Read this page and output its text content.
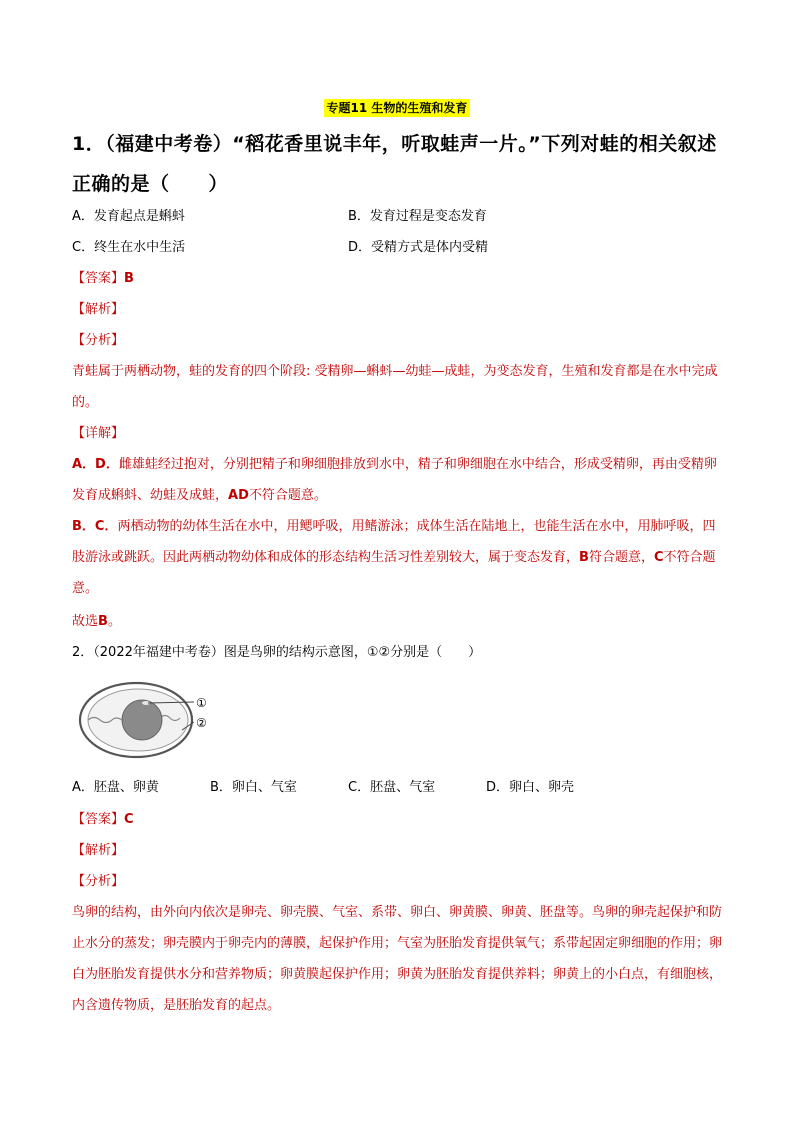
专题11 生物的生殖和发育
1．（福建中考卷）“稻花香里说丰年，听取蛙声一片。”下列对蛙的相关叙述正确的是（　　）
A．发育起点是蝌蚪	B．发育过程是变态发育
C．终生在水中生活	D．受精方式是体内受精
【答案】B
【解析】
【分析】
青蛙属于两栖动物，蛙的发育的四个阶段: 受精卵—蝌蚪—幼蛙—成蛙，为变态发育，生殖和发育都是在水中完成的。
【详解】
A．D．雌雄蛙经过抱对，分别把精子和卵细胞排放到水中，精子和卵细胞在水中结合，形成受精卵，再由受精卵发育成蝌蚪、幼蛙及成蛙，AD不符合题意。
B．C．两栖动物的幼体生活在水中，用鳃呼吸，用鳍游泳；成体生活在陆地上，也能生活在水中，用肺呼吸，四肢游泳或跳跃。因此两栖动物幼体和成体的形态结构生活习性差别较大，属于变态发育，B符合题意，C不符合题意。
故选B。
2．（2022年福建中考卷）图是鸟卵的结构示意图，①②分别是（　　）
①
②
A．胚盘、卵黄	B．卵白、气室	C．胚盘、气室	D．卵白、卵壳
【答案】C
【解析】
【分析】
鸟卵的结构，由外向内依次是卵壳、卵壳膜、气室、系带、卵白、卵黄膜、卵黄、胚盘等。鸟卵的卵壳起保护和防止水分的蒸发；卵壳膜内于卵壳内的薄膜，起保护作用；气室为胚胎发育提供氧气；系带起固定卵细胞的作用；卵白为胚胎发育提供水分和营养物质；卵黄膜起保护作用；卵黄为胚胎发育提供养料；卵黄上的小白点，有细胞核，内含遗传物质，是胚胎发育的起点。
